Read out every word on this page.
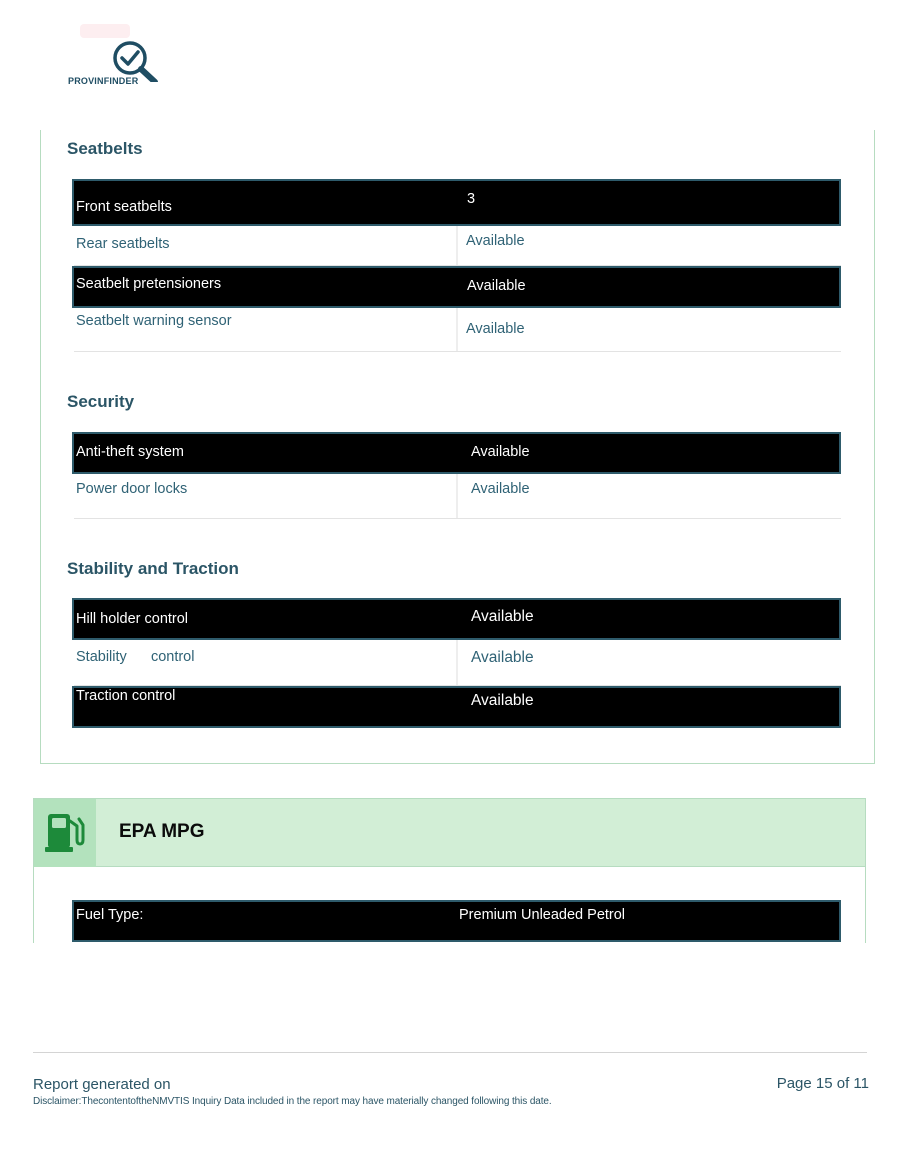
PROVINFINDER
Seatbelts
Front seatbelts	3
Rear seatbelts	Available
Seatbelt pretensioners	Available
Seatbelt warning sensor	Available
Security
Anti-theft system	Available
Power door locks	Available
Stability and Traction
Hill holder control	Available
Stability      control	Available
Traction control	Available
EPA MPG
Fuel Type:	Premium Unleaded Petrol
Report generated on	Page 15 of 11
Disclaimer:ThecontentoftheNMVTIS Inquiry Data included in the report may have materially changed following this date.
